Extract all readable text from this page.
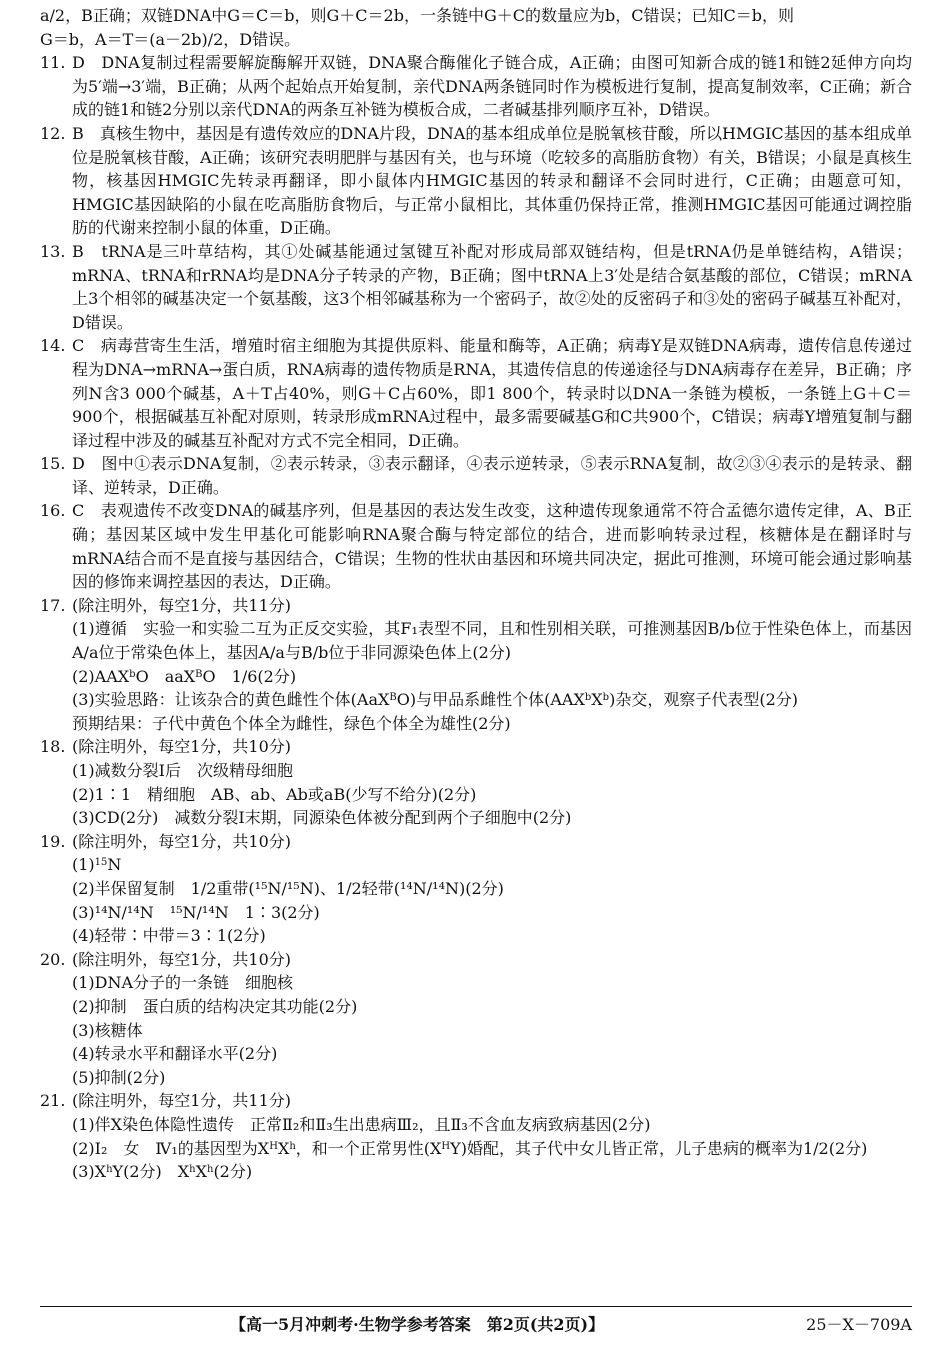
a/2，B正确；双链DNA中G＝C＝b，则G＋C＝2b，一条链中G＋C的数量应为b，C错误；已知C＝b，则

G＝b，A＝T＝(a－2b)/2，D错误。

11. D　DNA复制过程需要解旋酶解开双链，DNA聚合酶催化子链合成，A正确；由图可知新合成的链1和链2延伸方向均为5′端→3′端，B正确；从两个起始点开始复制，亲代DNA两条链同时作为模板进行复制，提高复制效率，C正确；新合成的链1和链2分别以亲代DNA的两条互补链为模板合成，二者碱基排列顺序互补，D错误。
12. B　真核生物中，基因是有遗传效应的DNA片段，DNA的基本组成单位是脱氧核苷酸，所以HMGIC基因的基本组成单位是脱氧核苷酸，A正确；该研究表明肥胖与基因有关，也与环境（吃较多的高脂肪食物）有关，B错误；小鼠是真核生物，核基因HMGIC先转录再翻译，即小鼠体内HMGIC基因的转录和翻译不会同时进行，C正确；由题意可知，HMGIC基因缺陷的小鼠在吃高脂肪食物后，与正常小鼠相比，其体重仍保持正常，推测HMGIC基因可能通过调控脂肪的代谢来控制小鼠的体重，D正确。
13. B　tRNA是三叶草结构，其①处碱基能通过氢键互补配对形成局部双链结构，但是tRNA仍是单链结构，A错误；mRNA、tRNA和rRNA均是DNA分子转录的产物，B正确；图中tRNA上3′处是结合氨基酸的部位，C错误；mRNA上3个相邻的碱基决定一个氨基酸，这3个相邻碱基称为一个密码子，故②处的反密码子和③处的密码子碱基互补配对，D错误。
14. C　病毒营寄生生活，增殖时宿主细胞为其提供原料、能量和酶等，A正确；病毒Y是双链DNA病毒，遗传信息传递过程为DNA→mRNA→蛋白质，RNA病毒的遗传物质是RNA，其遗传信息的传递途径与DNA病毒存在差异，B正确；序列N含3 000个碱基，A＋T占40%，则G＋C占60%，即1 800个，转录时以DNA一条链为模板，一条链上G＋C＝900个，根据碱基互补配对原则，转录形成mRNA过程中，最多需要碱基G和C共900个，C错误；病毒Y增殖复制与翻译过程中涉及的碱基互补配对方式不完全相同，D正确。
15. D　图中①表示DNA复制，②表示转录，③表示翻译，④表示逆转录，⑤表示RNA复制，故②③④表示的是转录、翻译、逆转录，D正确。
16. C　表观遗传不改变DNA的碱基序列，但是基因的表达发生改变，这种遗传现象通常不符合孟德尔遗传定律，A、B正确；基因某区域中发生甲基化可能影响RNA聚合酶与特定部位的结合，进而影响转录过程，核糖体是在翻译时与mRNA结合而不是直接与基因结合，C错误；生物的性状由基因和环境共同决定，据此可推测，环境可能会通过影响基因的修饰来调控基因的表达，D正确。
17. (除注明外，每空1分，共11分)

(1)遵循　实验一和实验二互为正反交实验，其F₁表型不同，且和性别相关联，可推测基因B/b位于性染色体上，而基因A/a位于常染色体上，基因A/a与B/b位于非同源染色体上(2分)

(2)AAX$^b$O　aaX$^B$O　1/6(2分)

(3)实验思路：让该杂合的黄色雌性个体(AaX$^B$O)与甲品系雌性个体$(AAX^bX^b)$杂交，观察子代表型(2分)

预期结果：子代中黄色个体全为雌性，绿色个体全为雄性(2分)

18. (除注明外，每空1分，共10分)

(1)减数分裂Ⅰ后　次级精母细胞

(2)1∶1　精细胞　AB、ab、Ab或aB(少写不给分)(2分)

(3)CD(2分)　减数分裂Ⅰ末期，同源染色体被分配到两个子细胞中(2分)

19. (除注明外，每空1分，共10分)

$(1)^{15}N$

(2)半保留复制　1/2重带(¹⁵N/¹⁵N)、1/2轻带(¹⁴N/¹⁴N)(2分)

(3)¹⁴N/¹⁴N　¹⁵N/¹⁴N　1∶3(2分)

(4)轻带∶中带＝3∶1(2分)

20. (除注明外，每空1分，共10分)

(1)DNA分子的一条链　细胞核

(2)抑制　蛋白质的结构决定其功能(2分)

(3)核糖体

(4)转录水平和翻译水平(2分)

(5)抑制(2分)

21. (除注明外，每空1分，共11分)

(1)伴X染色体隐性遗传　正常Ⅱ₂和Ⅱ₃生出患病Ⅲ₂，且Ⅱ₃不含血友病致病基因(2分)

(2)Ⅰ₂　女　Ⅳ₁的基因型为$X^HX^h$，和一个正常男性$(X^HY)$婚配，其子代中女儿皆正常，儿子患病的概率为1/2(2分)

$(3)X^hY(2$分)　$X^hX^h(2$分)

【高一5月冲刺考·生物学参考答案　第2页(共2页)】	25－X－709A
